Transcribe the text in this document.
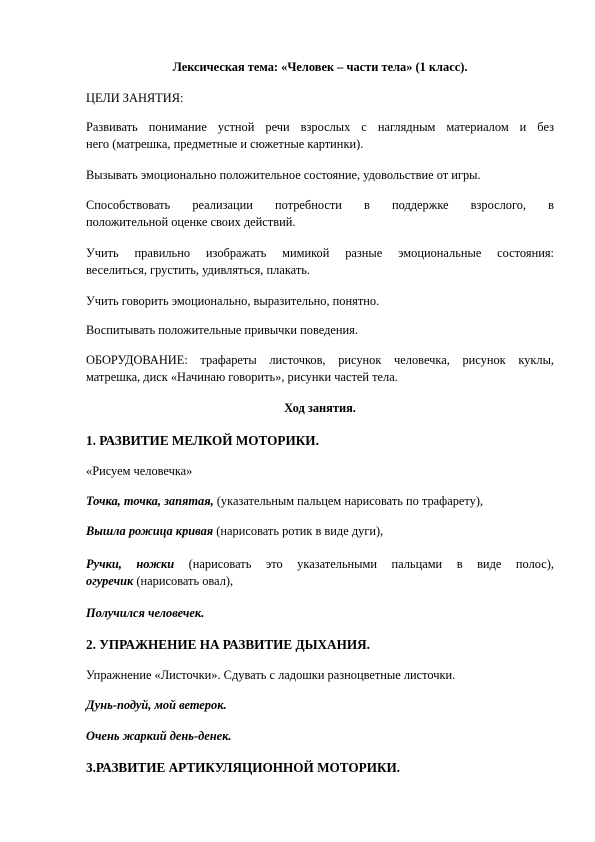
Лексическая тема: «Человек – части тела» (1 класс).

ЦЕЛИ ЗАНЯТИЯ:

Развивать понимание устной речи взрослых с наглядным материалом и без
него (матрешка, предметные и сюжетные картинки).

Вызывать эмоционально положительное состояние, удовольствие от игры.

Способствовать реализации потребности в поддержке взрослого, в
положительной оценке своих действий.

Учить правильно изображать мимикой разные эмоциональные состояния:
веселиться, грустить, удивляться, плакать.

Учить говорить эмоционально, выразительно, понятно.

Воспитывать положительные привычки поведения.

ОБОРУДОВАНИЕ: трафареты листочков, рисунок человечка, рисунок куклы,
матрешка, диск «Начинаю говорить», рисунки частей тела.

Ход занятия.

1. РАЗВИТИЕ МЕЛКОЙ МОТОРИКИ.

«Рисуем человечка»

Точка, точка, запятая, (указательным пальцем нарисовать по трафарету),

Вышла рожица кривая (нарисовать ротик в виде дуги),

Ручки, ножки (нарисовать это указательными пальцами в виде полос),
огуречик (нарисовать овал),

Получился человечек.

2. УПРАЖНЕНИЕ НА РАЗВИТИЕ ДЫХАНИЯ.

Упражнение «Листочки». Сдувать с ладошки разноцветные листочки.

Дунь-подуй, мой ветерок.

Очень жаркий день-денек.

3.РАЗВИТИЕ АРТИКУЛЯЦИОННОЙ МОТОРИКИ.
